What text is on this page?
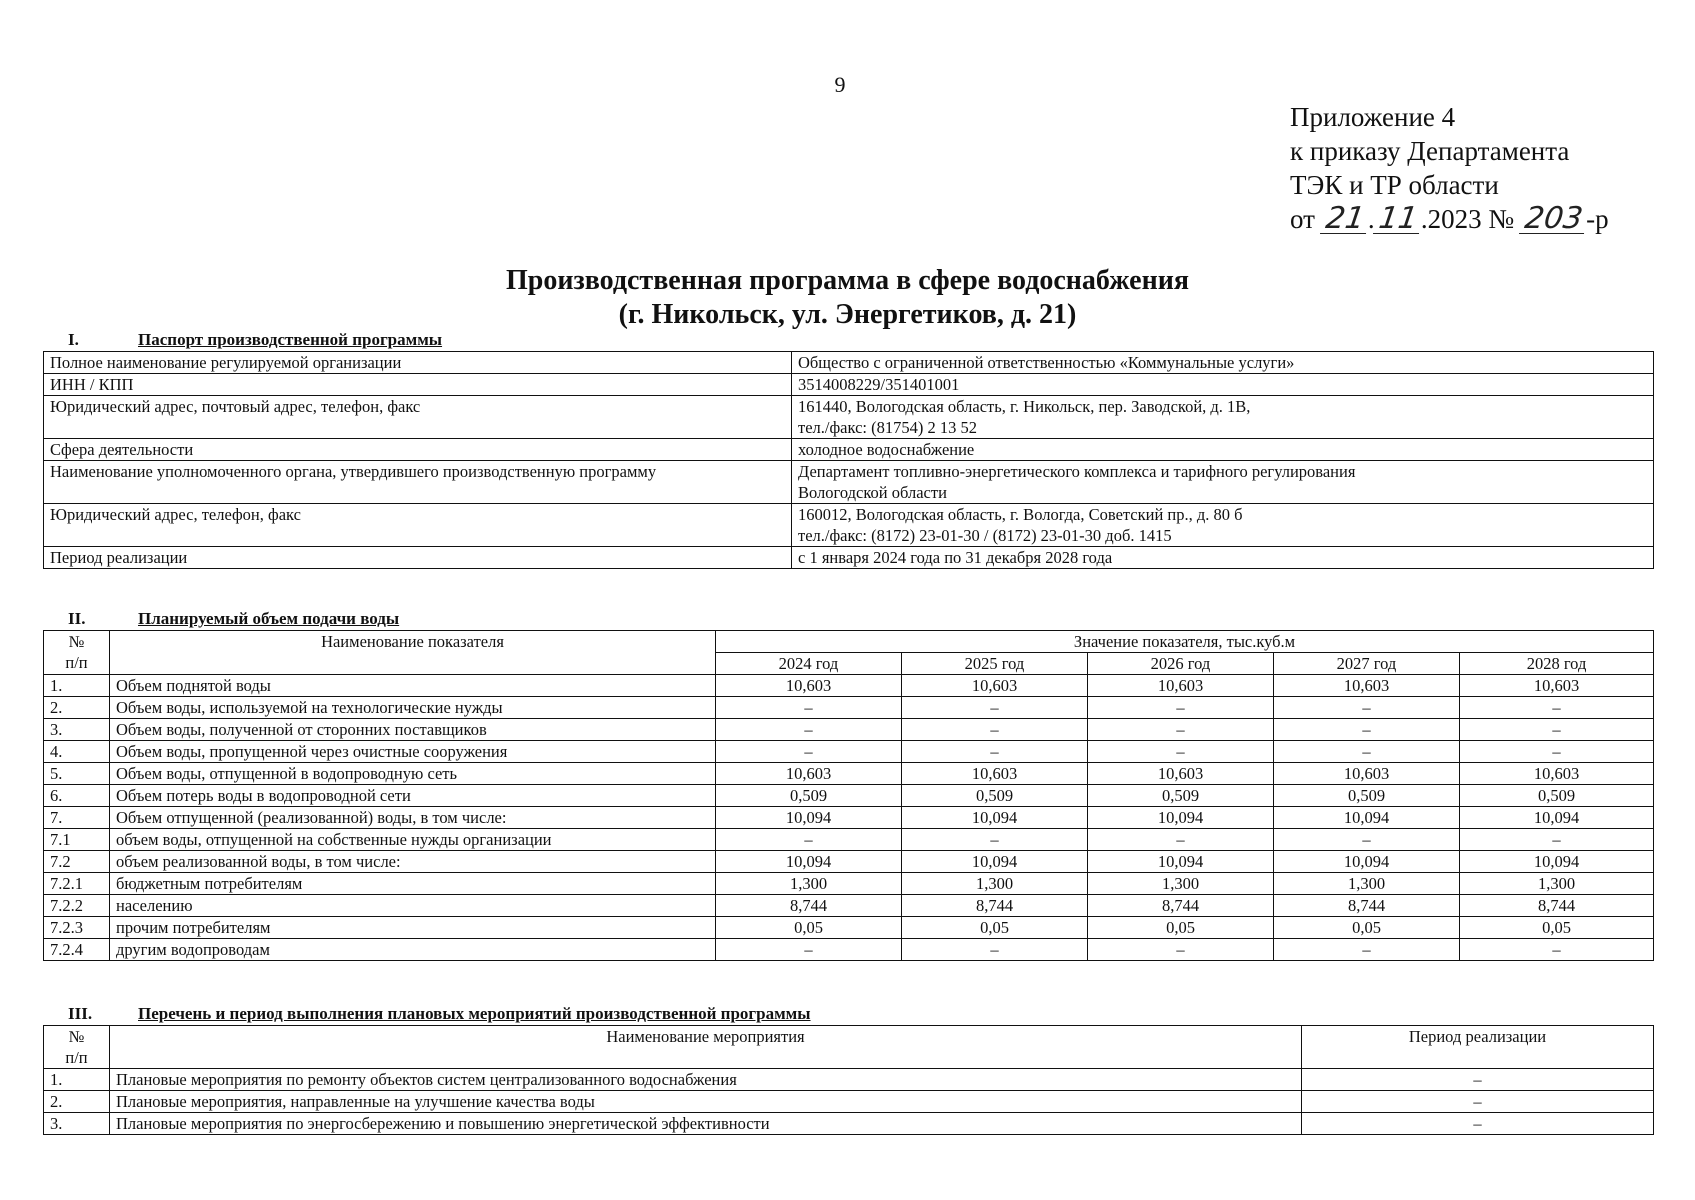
9
Приложение 4
к приказу Департамента
ТЭК и ТР области
от 21.11.2023 № 203-р
Производственная программа в сфере водоснабжения
(г. Никольск, ул. Энергетиков, д. 21)
I.	Паспорт производственной программы
Полное наименование регулируемой организации	Общество с ограниченной ответственностью «Коммунальные услуги»

ИНН / КПП	3514008229/351401001

Юридический адрес, почтовый адрес, телефон, факс	161440, Вологодская область, г. Никольск, пер. Заводской, д. 1В,
тел./факс: (81754) 2 13 52

Сфера деятельности	холодное водоснабжение

Наименование уполномоченного органа, утвердившего производственную программу	Департамент топливно-энергетического комплекса и тарифного регулирования
Вологодской области

Юридический адрес, телефон, факс	160012, Вологодская область, г. Вологда, Советский пр., д. 80 б
тел./факс: (8172) 23-01-30 / (8172) 23-01-30 доб. 1415

Период реализации	с 1 января 2024 года по 31 декабря 2028 года
II.	Планируемый объем подачи воды
№
п/п	Наименование показателя	Значение показателя, тыс.куб.м				
		2024 год	2025 год	2026 год	2027 год	2028 год
1.	Объем поднятой воды	10,603	10,603	10,603	10,603	10,603
2.	Объем воды, используемой на технологические нужды	–	–	–	–	–
3.	Объем воды, полученной от сторонних поставщиков	–	–	–	–	–
4.	Объем воды, пропущенной через очистные сооружения	–	–	–	–	–
5.	Объем воды, отпущенной в водопроводную сеть	10,603	10,603	10,603	10,603	10,603
6.	Объем потерь воды в водопроводной сети	0,509	0,509	0,509	0,509	0,509
7.	Объем отпущенной (реализованной) воды, в том числе:	10,094	10,094	10,094	10,094	10,094
7.1	объем воды, отпущенной на собственные нужды организации	–	–	–	–	–
7.2	объем реализованной воды, в том числе:	10,094	10,094	10,094	10,094	10,094
7.2.1	бюджетным потребителям	1,300	1,300	1,300	1,300	1,300
7.2.2	населению	8,744	8,744	8,744	8,744	8,744
7.2.3	прочим потребителям	0,05	0,05	0,05	0,05	0,05
7.2.4	другим водопроводам	–	–	–	–	–
III.	Перечень и период выполнения плановых мероприятий производственной программы
№
п/п	Наименование мероприятия	Период реализации
1.	Плановые мероприятия по ремонту объектов систем централизованного водоснабжения	–
2.	Плановые мероприятия, направленные на улучшение качества воды	–
3.	Плановые мероприятия по энергосбережению и повышению энергетической эффективности	–
